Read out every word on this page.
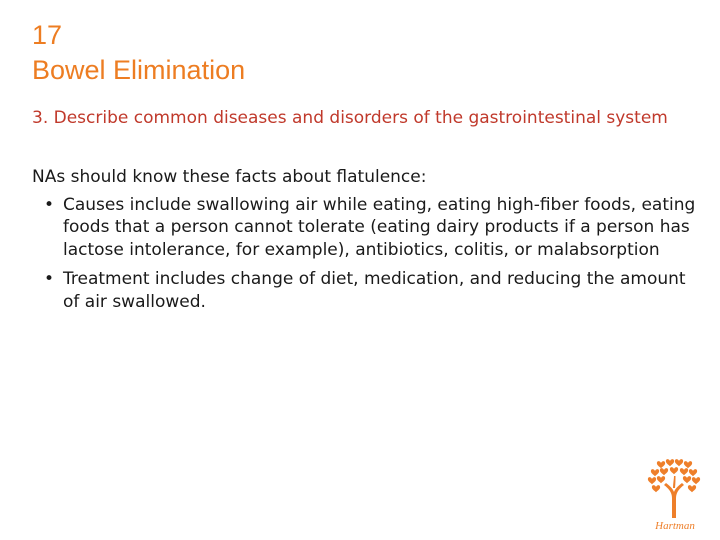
17
Bowel Elimination
3. Describe common diseases and disorders of the gastrointestinal system

NAs should know these facts about flatulence:

• Causes include swallowing air while eating, eating high-fiber foods, eating foods that a person cannot tolerate (eating dairy products if a person has lactose intolerance, for example), antibiotics, colitis, or malabsorption
• Treatment includes change of diet, medication, and reducing the amount of air swallowed.
Hartman
